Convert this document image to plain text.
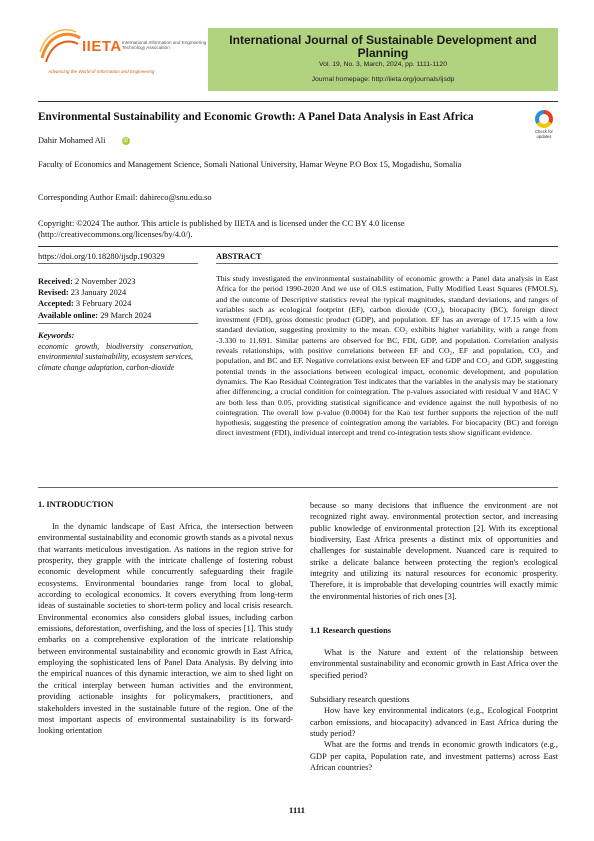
IIETA International Information and Engineering Technology Association
Advancing the World of Information and Engineering
International Journal of Sustainable Development and Planning
Vol. 19, No. 3, March, 2024, pp. 1111-1120
Journal homepage: http://iieta.org/journals/ijsdp
Environmental Sustainability and Economic Growth: A Panel Data Analysis in East Africa
Check for updates
Dahir Mohamed Ali	iD
Faculty of Economics and Management Science, Somali National University, Hamar Weyne P.O Box 15, Mogadishu, Somalia
Corresponding Author Email: dahireco@snu.edu.so
Copyright: ©2024 The author. This article is published by IIETA and is licensed under the CC BY 4.0 license (http://creativecommons.org/licenses/by/4.0/).
https://doi.org/10.18280/ijsdp.190329	ABSTRACT
Received: 2 November 2023
Revised: 23 January 2024
Accepted: 3 February 2024
Available online: 29 March 2024
Keywords:
economic growth, biodiversity conservation, environmental sustainability, ecosystem services, climate change adaptation, carbon-dioxide
This study investigated the environmental sustainability of economic growth: a Panel data analysis in East Africa for the period 1990-2020 And we use of OLS estimation, Fully Modified Least Squares (FMOLS), and the outcome of Descriptive statistics reveal the typical magnitudes, standard deviations, and ranges of variables such as ecological footprint (EF), carbon dioxide (CO₂), biocapacity (BC), foreign direct investment (FDI), gross domestic product (GDP), and population. EF has an average of 17.15 with a low standard deviation, suggesting proximity to the mean. CO₂ exhibits higher variability, with a range from -3.330 to 11.691. Similar patterns are observed for BC, FDI, GDP, and population. Correlation analysis reveals relationships, with positive correlations between EF and CO₂, EF and population, CO₂ and population, and BC and EF. Negative correlations exist between EF and GDP and CO₂ and GDP, suggesting potential trends in the associations between ecological impact, economic development, and population dynamics. The Kao Residual Cointegration Test indicates that the variables in the analysis may be stationary after differencing, a crucial condition for cointegration. The p-values associated with residual V and HAC V are both less than 0.05, providing statistical significance and evidence against the null hypothesis of no cointegration. The overall low p-value (0.0004) for the Kao test further supports the rejection of the null hypothesis, suggesting the presence of cointegration among the variables. For biocapacity (BC) and foreign direct investment (FDI), individual intercept and trend co-integration tests show significant evidence.
1. INTRODUCTION

In the dynamic landscape of East Africa, the intersection between environmental sustainability and economic growth stands as a pivotal nexus that warrants meticulous investigation. As nations in the region strive for prosperity, they grapple with the intricate challenge of fostering robust economic development while concurrently safeguarding their fragile ecosystems. Environmental boundaries range from local to global, according to ecological economics. It covers everything from long-term ideas of sustainable societies to short-term policy and local crisis research. Environmental economics also considers global issues, including carbon emissions, deforestation, overfishing, and the loss of species [1]. This study embarks on a comprehensive exploration of the intricate relationship between environmental sustainability and economic growth in East Africa, employing the sophisticated lens of Panel Data Analysis. By delving into the empirical nuances of this dynamic interaction, we aim to shed light on the critical interplay between human activities and the environment, providing actionable insights for policymakers, practitioners, and stakeholders invested in the sustainable future of the region. One of the most important aspects of environmental sustainability is its forward-looking orientation

because so many decisions that influence the environment are not recognized right away. environmental protection sector, and increasing public knowledge of environmental protection [2]. With its exceptional biodiversity, East Africa presents a distinct mix of opportunities and challenges for sustainable development. Nuanced care is required to strike a delicate balance between protecting the region's ecological integrity and utilizing its natural resources for economic prosperity. Therefore, it is improbable that developing countries will exactly mimic the environmental histories of rich ones [3].
1.1 Research questions

What is the Nature and extent of the relationship between environmental sustainability and economic growth in East Africa over the specified period?

Subsidiary research questions

How have key environmental indicators (e.g., Ecological Footprint carbon emissions, and biocapacity) advanced in East Africa during the study period?

What are the forms and trends in economic growth indicators (e.g., GDP per capita, Population rate, and investment patterns) across East African countries?

1111
